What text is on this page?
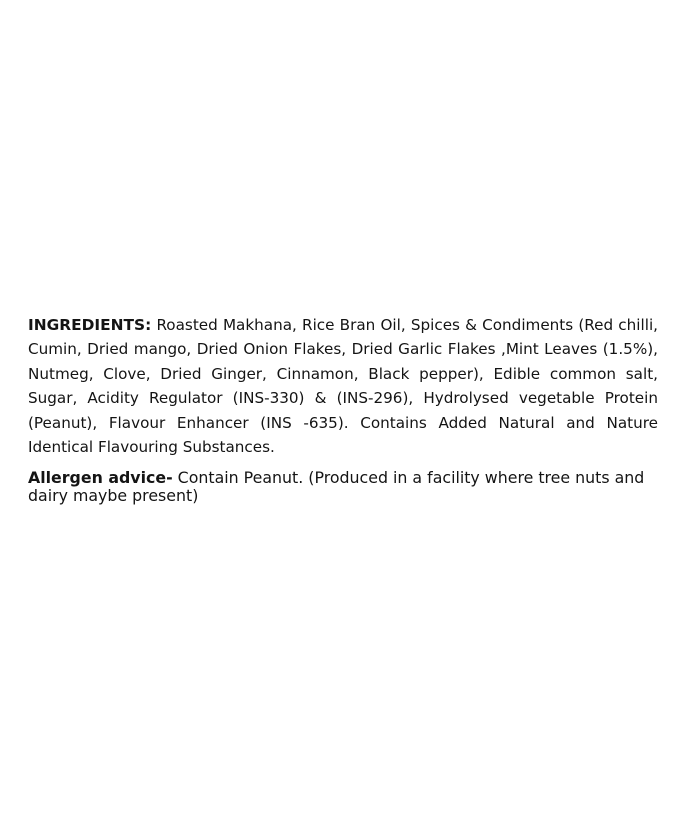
INGREDIENTS: Roasted Makhana, Rice Bran Oil, Spices & Condiments (Red chilli, Cumin, Dried mango, Dried Onion Flakes, Dried Garlic Flakes ,Mint Leaves (1.5%), Nutmeg, Clove, Dried Ginger, Cinnamon, Black pepper), Edible common salt, Sugar, Acidity Regulator (INS-330) & (INS-296), Hydrolysed vegetable Protein (Peanut), Flavour Enhancer (INS -635). Contains Added Natural and Nature Identical Flavouring Substances.

Allergen advice- Contain Peanut. (Produced in a facility where tree nuts and dairy maybe present)
